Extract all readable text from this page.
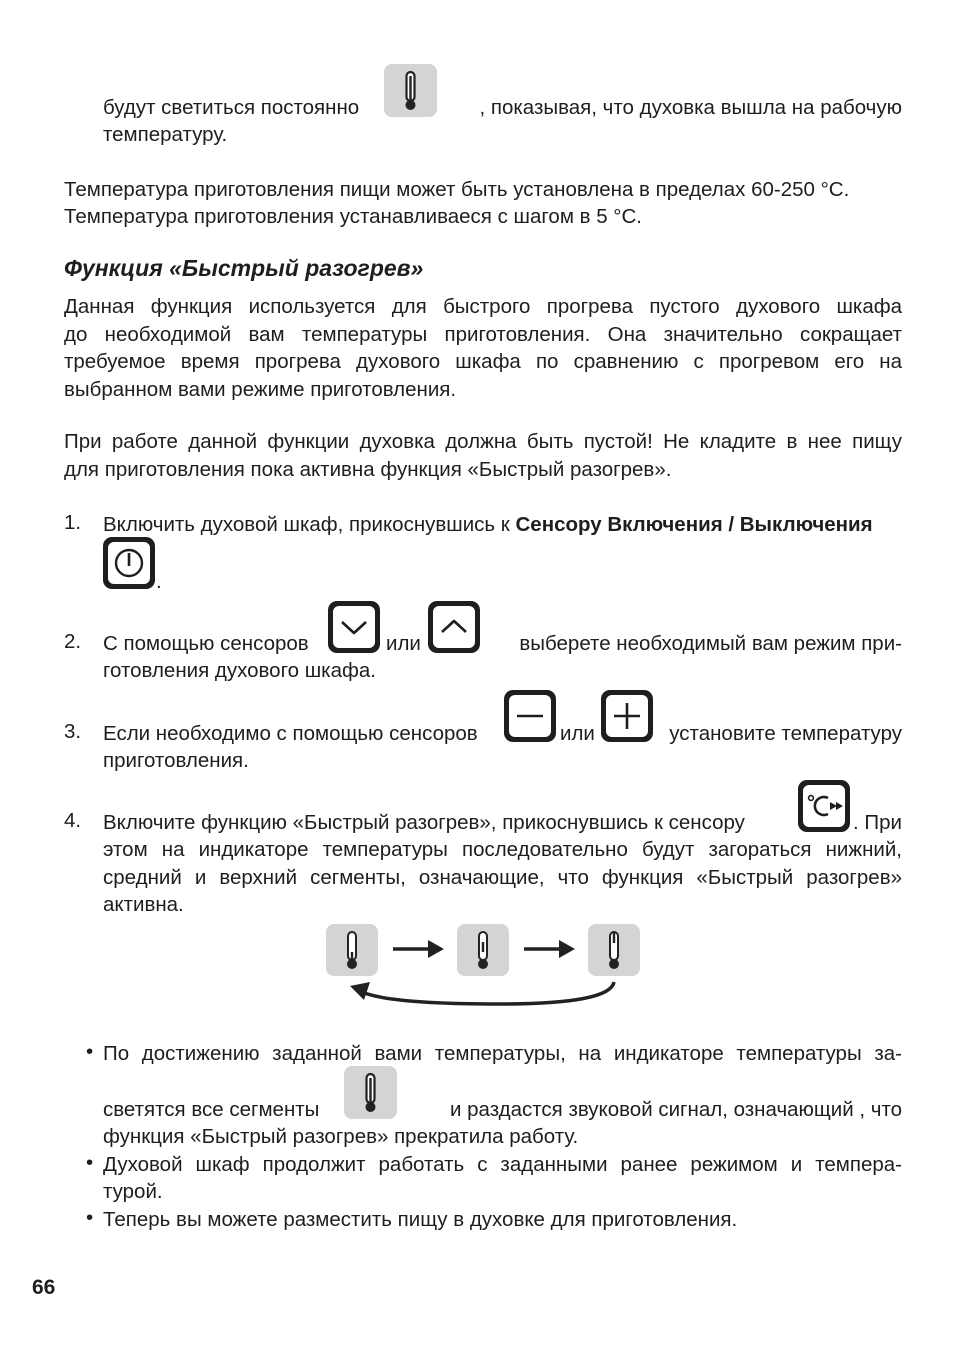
будут светиться постоянно	, показывая, что духовка вышла на рабочую
температуру.
Температура приготовления пищи может быть установлена в пределах 60-250 °С.
Температура приготовления устанавливаеся с шагом в 5 °С.
Функция «Быстрый разогрев»
Данная функция используется для быстрого прогрева пустого духового шкафа
до необходимой вам температуры приготовления. Она значительно сокращает
требуемое время прогрева духового шкафа по сравнению с прогревом его на
выбранном вами режиме приготовления.
При работе данной функции духовка должна быть пустой! Не кладите в нее пищу
для приготовления пока активна функция «Быстрый разогрев».
1. Включить духовой шкаф, прикоснувшись к Сенсору Включения / Выключения
.
2. С помощью сенсоров	или	выберете необходимый вам режим при-
готовления духового шкафа.
3. Если необходимо с помощью сенсоров	или	установите температуру
приготовления.
4. Включите функцию «Быстрый разогрев», прикоснувшись к сенсору	. При
этом на индикаторе температуры последовательно будут загораться нижний,
средний и верхний сегменты, означающие, что функция «Быстрый разогрев»
активна.
• По достижению заданной вами температуры, на индикаторе температуры за-
светятся все сегменты	и раздастся звуковой сигнал, означающий , что
функция «Быстрый разогрев» прекратила работу.
• Духовой шкаф продолжит работать с заданными ранее режимом и темпера-
турой.
• Теперь вы можете разместить пищу в духовке для приготовления.
66
